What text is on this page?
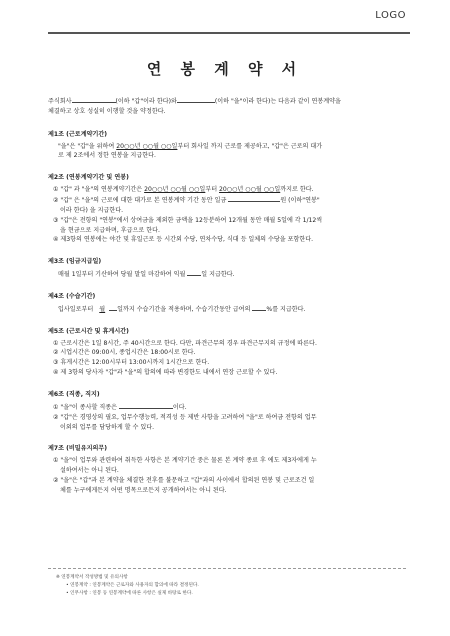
LOGO
연 봉 계 약 서

주식회사	(이하 "갑"이라 한다)와	(이하 "을"이라 한다)는 다음과 같이 연봉계약을
체결하고 상호 성실히 이행할 것을 약정한다.

제1조 (근로계약기간)

"을"은 "갑"을 위하여 20○○년 ○○월 ○○일부터 회사일 까지 근로를 제공하고, "갑"은 근로의 대가
로 제 2조에서 정한 연봉을 지급한다.

제2조 (연봉계약기간 및 연봉)

① "갑" 과 "을"의 연봉계약기간은 20○○년 ○○월 ○○일부터 20○○년 ○○월 ○○일까지로 한다.

② "갑" 은 "을"의 근로에 대한 대가로 본 연봉계약 기간 동안 일금	원 (이하"연봉"
이라 한다) 을 지급한다.

③ "갑"은 전항의 "연봉"에서 상여금을 제외한 금액을 12등분하여 12개월 동안 매월 5일에 각 1/12씩
을 현금으로 지급하며, 후급으로 한다.

④ 제3항의 연봉에는 야간 및 휴일근로 등 시간외 수당, 연차수당, 식대 등 일체의 수당을 포함한다.

제3조 (임금지급일)

매월 1일부터 기산하여 당월 말일 마감하여 익월	일 지급한다.

제4조 (수습기간)

입사일로부터 월 일까지 수습기간을 적용하며, 수습기간동안 급여의	%를 지급한다.

제5조 (근로시간 및 휴게시간)

① 근로시간은 1일 8시간, 주 40시간으로 한다. 다만, 파견근무의 경우 파견근무지의 규정에 따른다.

② 시업시간은 09:00시, 종업시간은 18:00시로 한다.

③ 휴게시간은 12:00시부터 13:00시까지 1시간으로 한다.

④ 제 3항의 당사자 "갑"과 "을"의 합의에 따라 변경한도 내에서 연장 근로할 수 있다.

제6조 (직종, 직지)

① "을"이 종사할 직종은	이다.

② "갑"은 경영상의 필요, 업무수행능력, 적격성 등 제반 사항을 고려하여 "을"로 하여금 전항의 업무
이외의 업무를 담당하게 할 수 있다.

제7조 (비밀유지의무)

① "을"이 업무와 관련하여 취득한 사항은 본 계약기간 중은 물론 본 계약 종료 후 에도 제3자에게 누
설하여서는 아니 된다.

② "을"은 "갑"과 본 계약을 체결한 전후를 불문하고 "갑"과의 사이에서 합의된 연봉 및 근로조건 일
체를 누구에게든지 어떤 명목으로든지 공개하여서는 아니 된다.

※ 연봉계약서 작성방법 및 유의사항

• 연봉계약 : 연봉계약은 근로자와 사용자의 합의에 따라 결정된다.

• 인무사항 : 연봉 등 연봉계약에 따른 사항은 실제 바탕로 한다.
